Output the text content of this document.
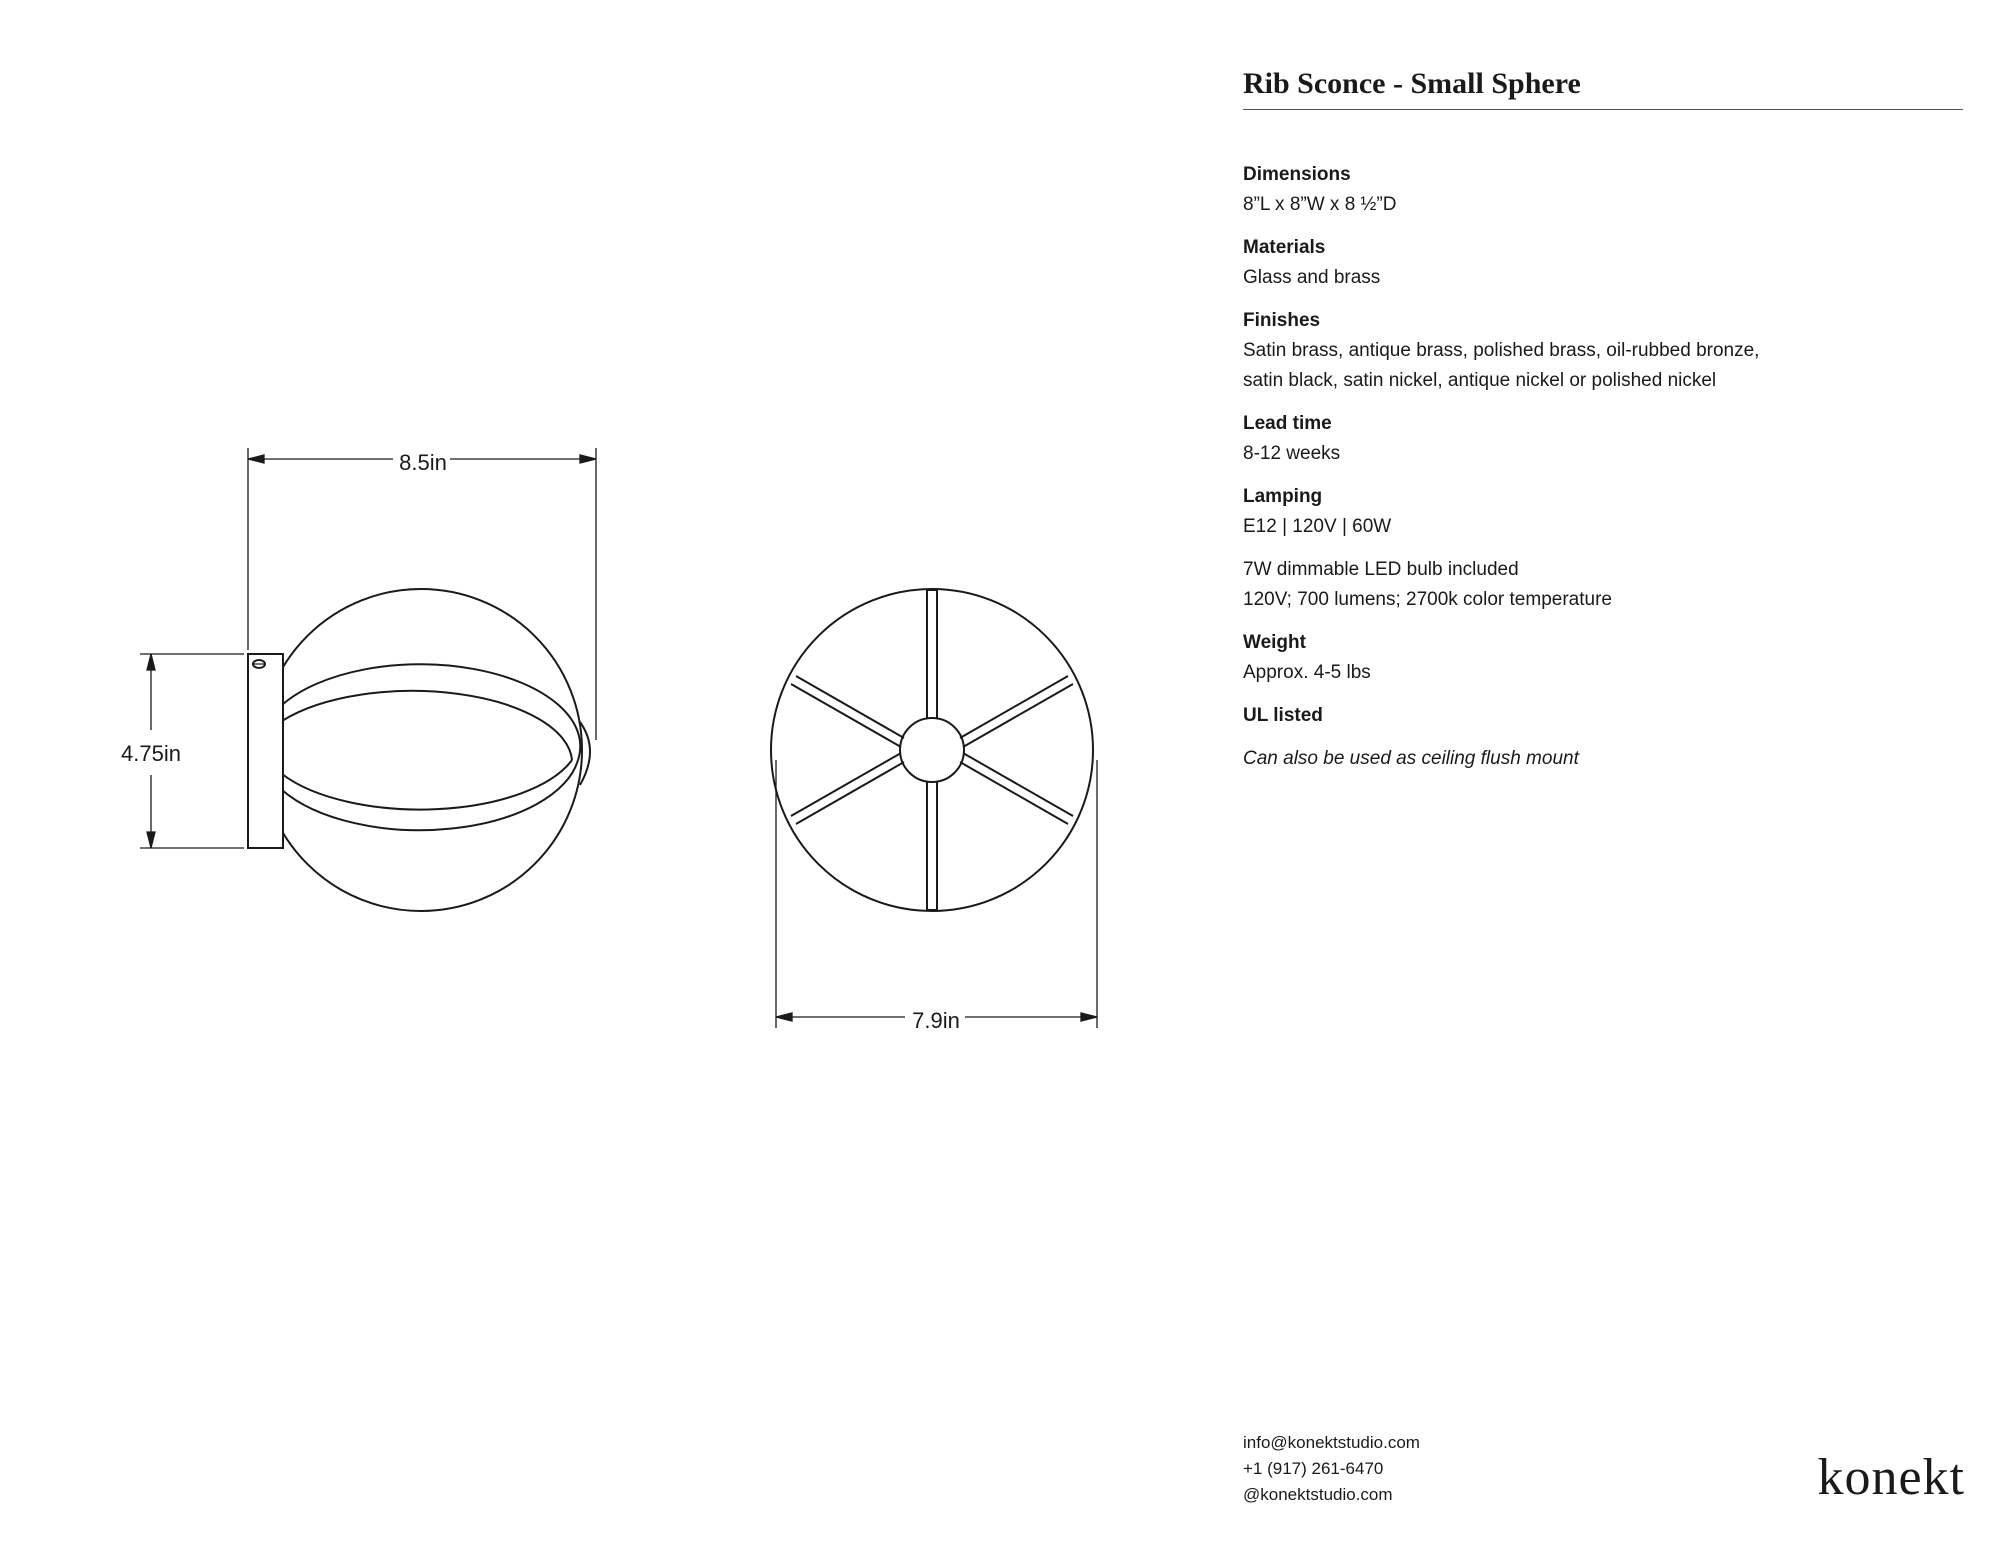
8.5in
4.75in
7.9in
Rib Sconce - Small Sphere

Dimensions

8”L x 8”W x 8 ½”D

Materials

Glass and brass

Finishes

Satin brass, antique brass, polished brass, oil-rubbed bronze,

satin black, satin nickel, antique nickel or polished nickel

Lead time

8-12 weeks

Lamping

E12 | 120V | 60W

7W dimmable LED bulb included

120V; 700 lumens; 2700k color temperature

Weight

Approx. 4-5 lbs

UL listed

Can also be used as ceiling flush mount

info@konektstudio.com
+1 (917) 261-6470
@konektstudio.com	konekt
